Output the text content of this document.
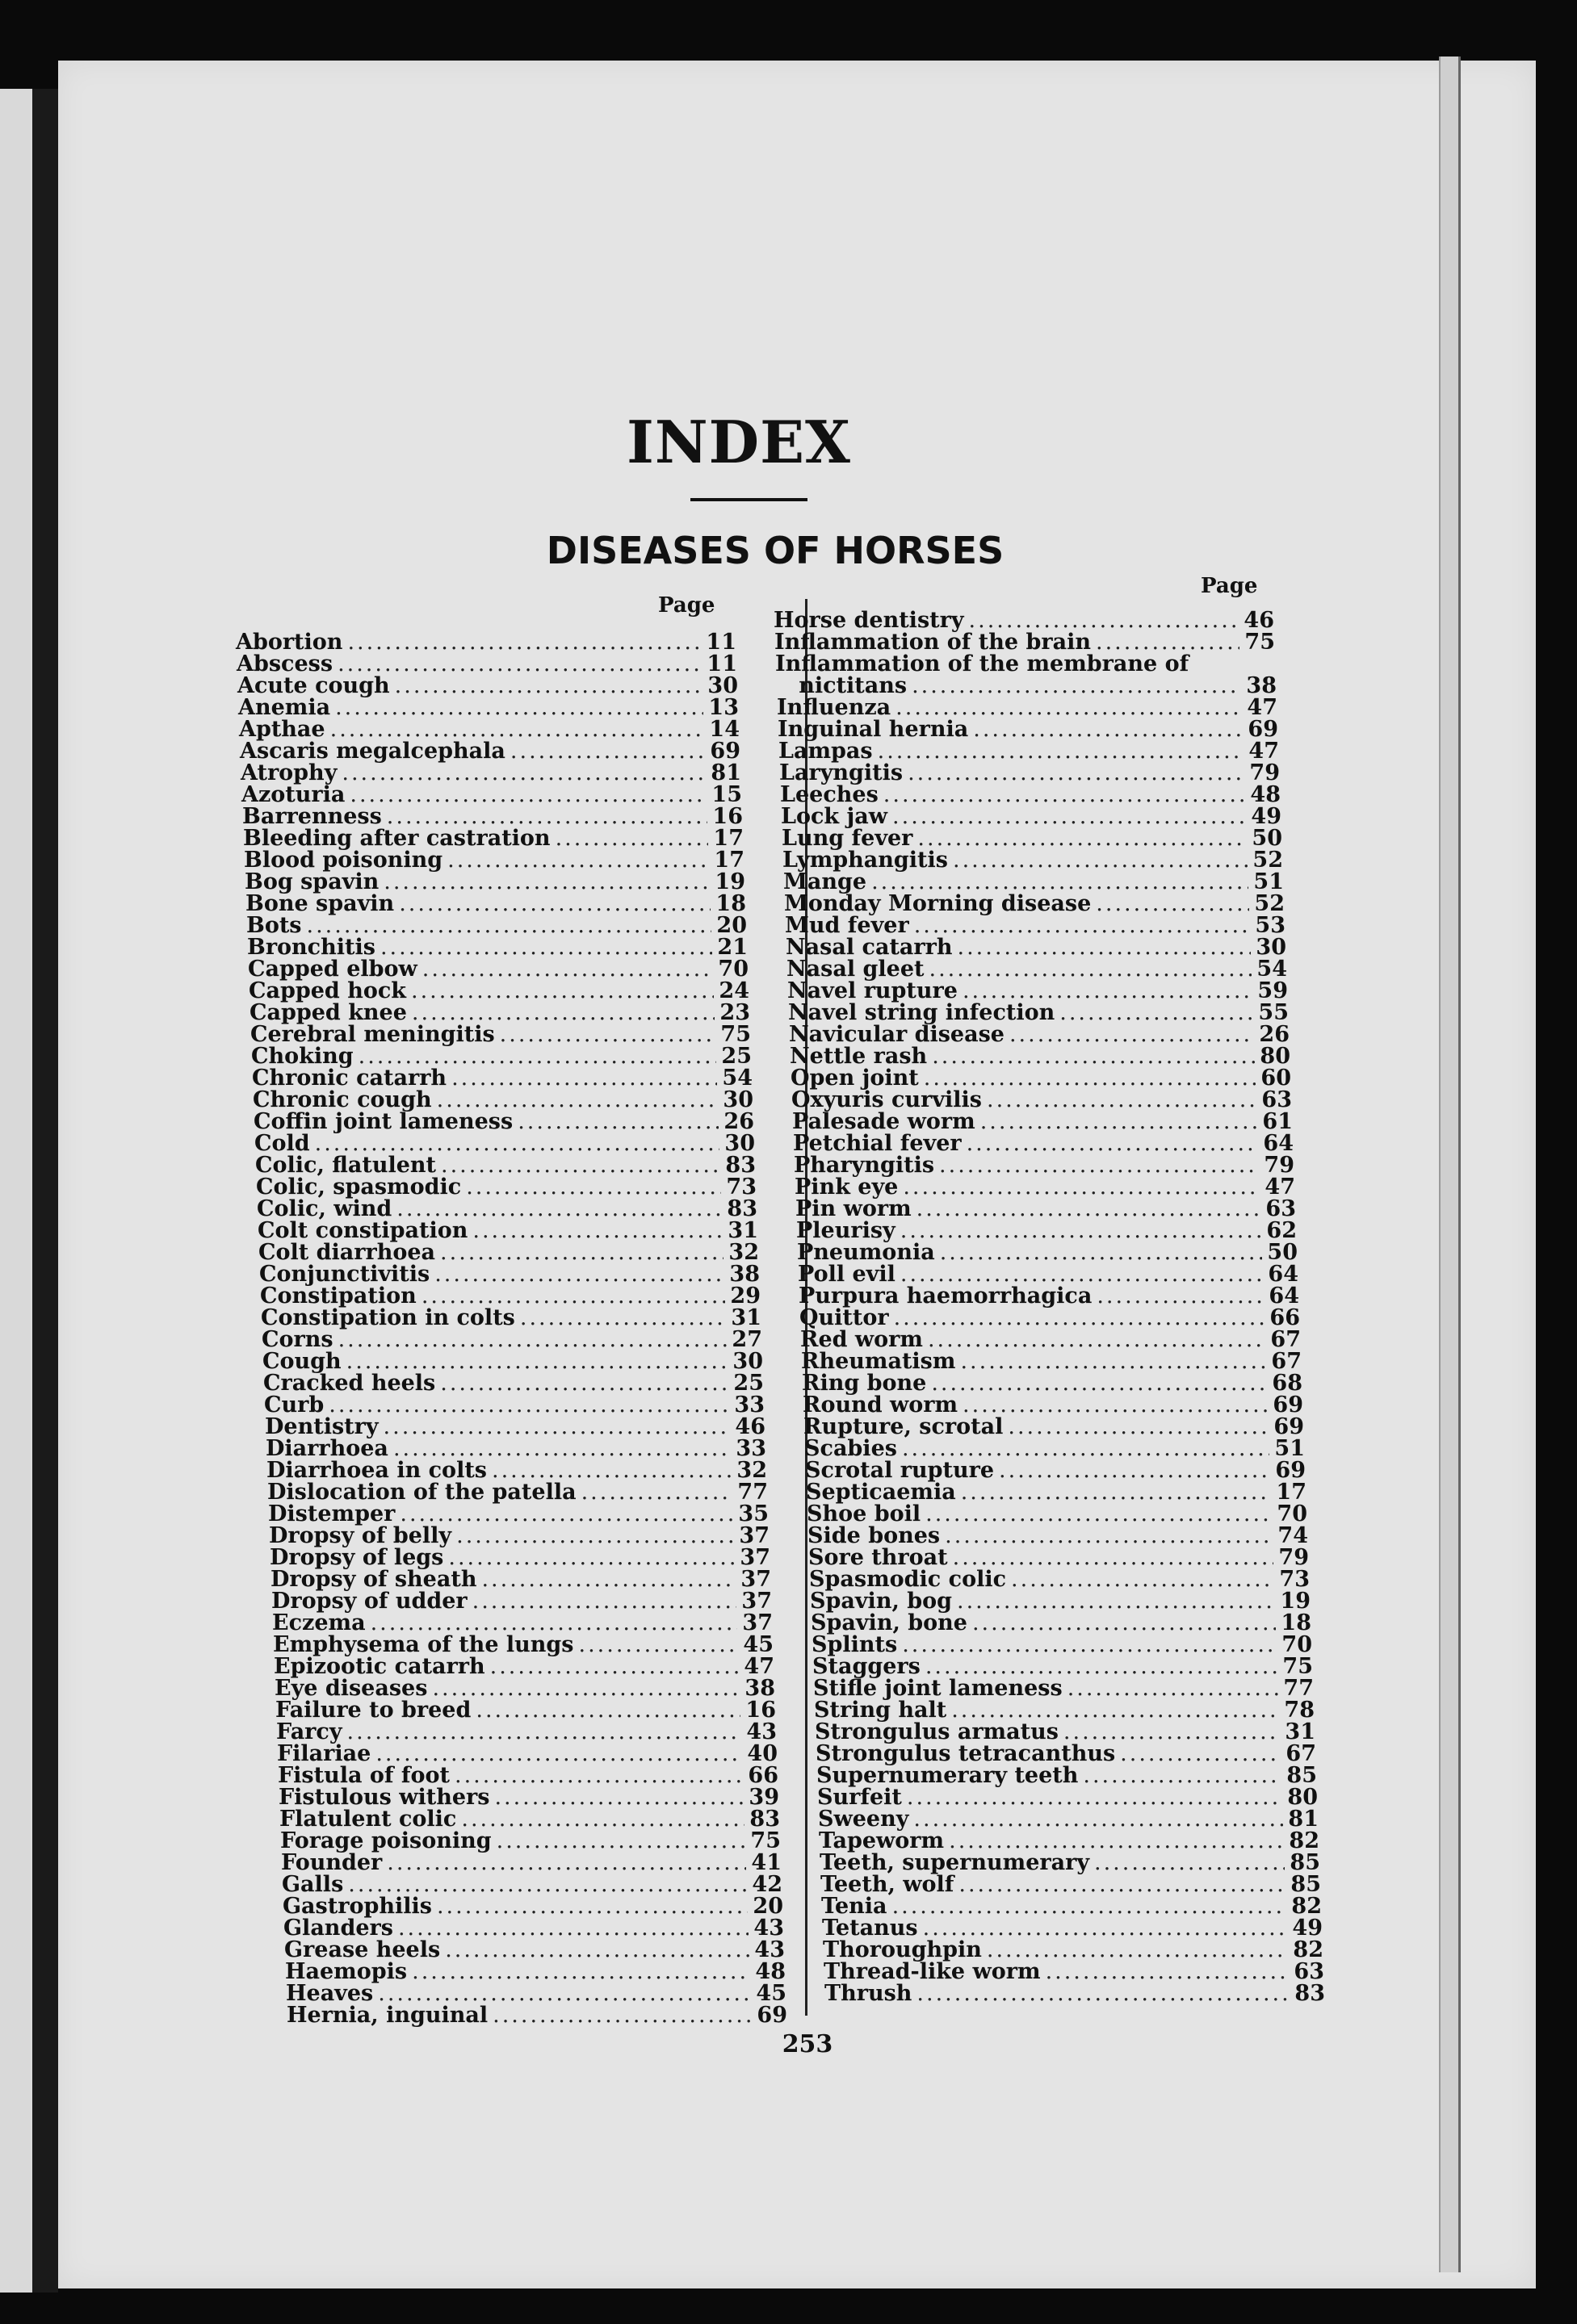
INDEX
DISEASES OF HORSES
Page
Page
Abortion .....	11
Abscess .....	11
Acute cough .....	30
Anemia .....	13
Apthae .....	14
Ascaris megalcephala .....	69
Atrophy .....	81
Azoturia .....	15
Barrenness .....	16
Bleeding after castration .....	17
Blood poisoning .....	17
Bog spavin .....	19
Bone spavin .....	18
Bots .....	20
Bronchitis .....	21
Capped elbow .....	70
Capped hock .....	24
Capped knee .....	23
Cerebral meningitis .....	75
Choking .....	25
Chronic catarrh .....	54
Chronic cough .....	30
Coffin joint lameness .....	26
Cold .....	30
Colic, flatulent .....	83
Colic, spasmodic .....	73
Colic, wind .....	83
Colt constipation .....	31
Colt diarrhoea .....	32
Conjunctivitis .....	38
Constipation .....	29
Constipation in colts .....	31
Corns .....	27
Cough .....	30
Cracked heels .....	25
Curb .....	33
Dentistry .....	46
Diarrhoea .....	33
Diarrhoea in colts .....	32
Dislocation of the patella .....	77
Distemper .....	35
Dropsy of belly .....	37
Dropsy of legs .....	37
Dropsy of sheath .....	37
Dropsy of udder .....	37
Eczema .....	37
Emphysema of the lungs .....	45
Epizootic catarrh .....	47
Eye diseases .....	38
Failure to breed .....	16
Farcy .....	43
Filariae .....	40
Fistula of foot .....	66
Fistulous withers .....	39
Flatulent colic .....	83
Forage poisoning .....	75
Founder .....	41
Galls .....	42
Gastrophilis .....	20
Glanders .....	43
Grease heels .....	43
Haemopis .....	48
Heaves .....	45
Hernia, inguinal .....	69
Horse dentistry .....	46
Inflammation of the brain .....	75
Inflammation of the membrane of
nictitans .....	38
Influenza .....	47
Inguinal hernia .....	69
Lampas .....	47
Laryngitis .....	79
Leeches .....	48
Lock jaw .....	49
Lung fever .....	50
Lymphangitis .....	52
Mange .....	51
Monday Morning disease .....	52
Mud fever .....	53
Nasal catarrh .....	30
Nasal gleet .....	54
Navel rupture .....	59
Navel string infection .....	55
Navicular disease .....	26
Nettle rash .....	80
Open joint .....	60
Oxyuris curvilis .....	63
Palesade worm .....	61
Petchial fever .....	64
Pharyngitis .....	79
Pink eye .....	47
Pin worm .....	63
Pleurisy .....	62
Pneumonia .....	50
Poll evil .....	64
Purpura haemorrhagica .....	64
Quittor .....	66
Red worm .....	67
Rheumatism .....	67
Ring bone .....	68
Round worm .....	69
Rupture, scrotal .....	69
Scabies .....	51
Scrotal rupture .....	69
Septicaemia .....	17
Shoe boil .....	70
Side bones .....	74
Sore throat .....	79
Spasmodic colic .....	73
Spavin, bog .....	19
Spavin, bone .....	18
Splints .....	70
Staggers .....	75
Stifle joint lameness .....	77
String halt .....	78
Strongulus armatus .....	31
Strongulus tetracanthus .....	67
Supernumerary teeth .....	85
Surfeit .....	80
Sweeny .....	81
Tapeworm .....	82
Teeth, supernumerary .....	85
Teeth, wolf .....	85
Tenia .....	82
Tetanus .....	49
Thoroughpin .....	82
Thread-like worm .....	63
Thrush .....	83
253
